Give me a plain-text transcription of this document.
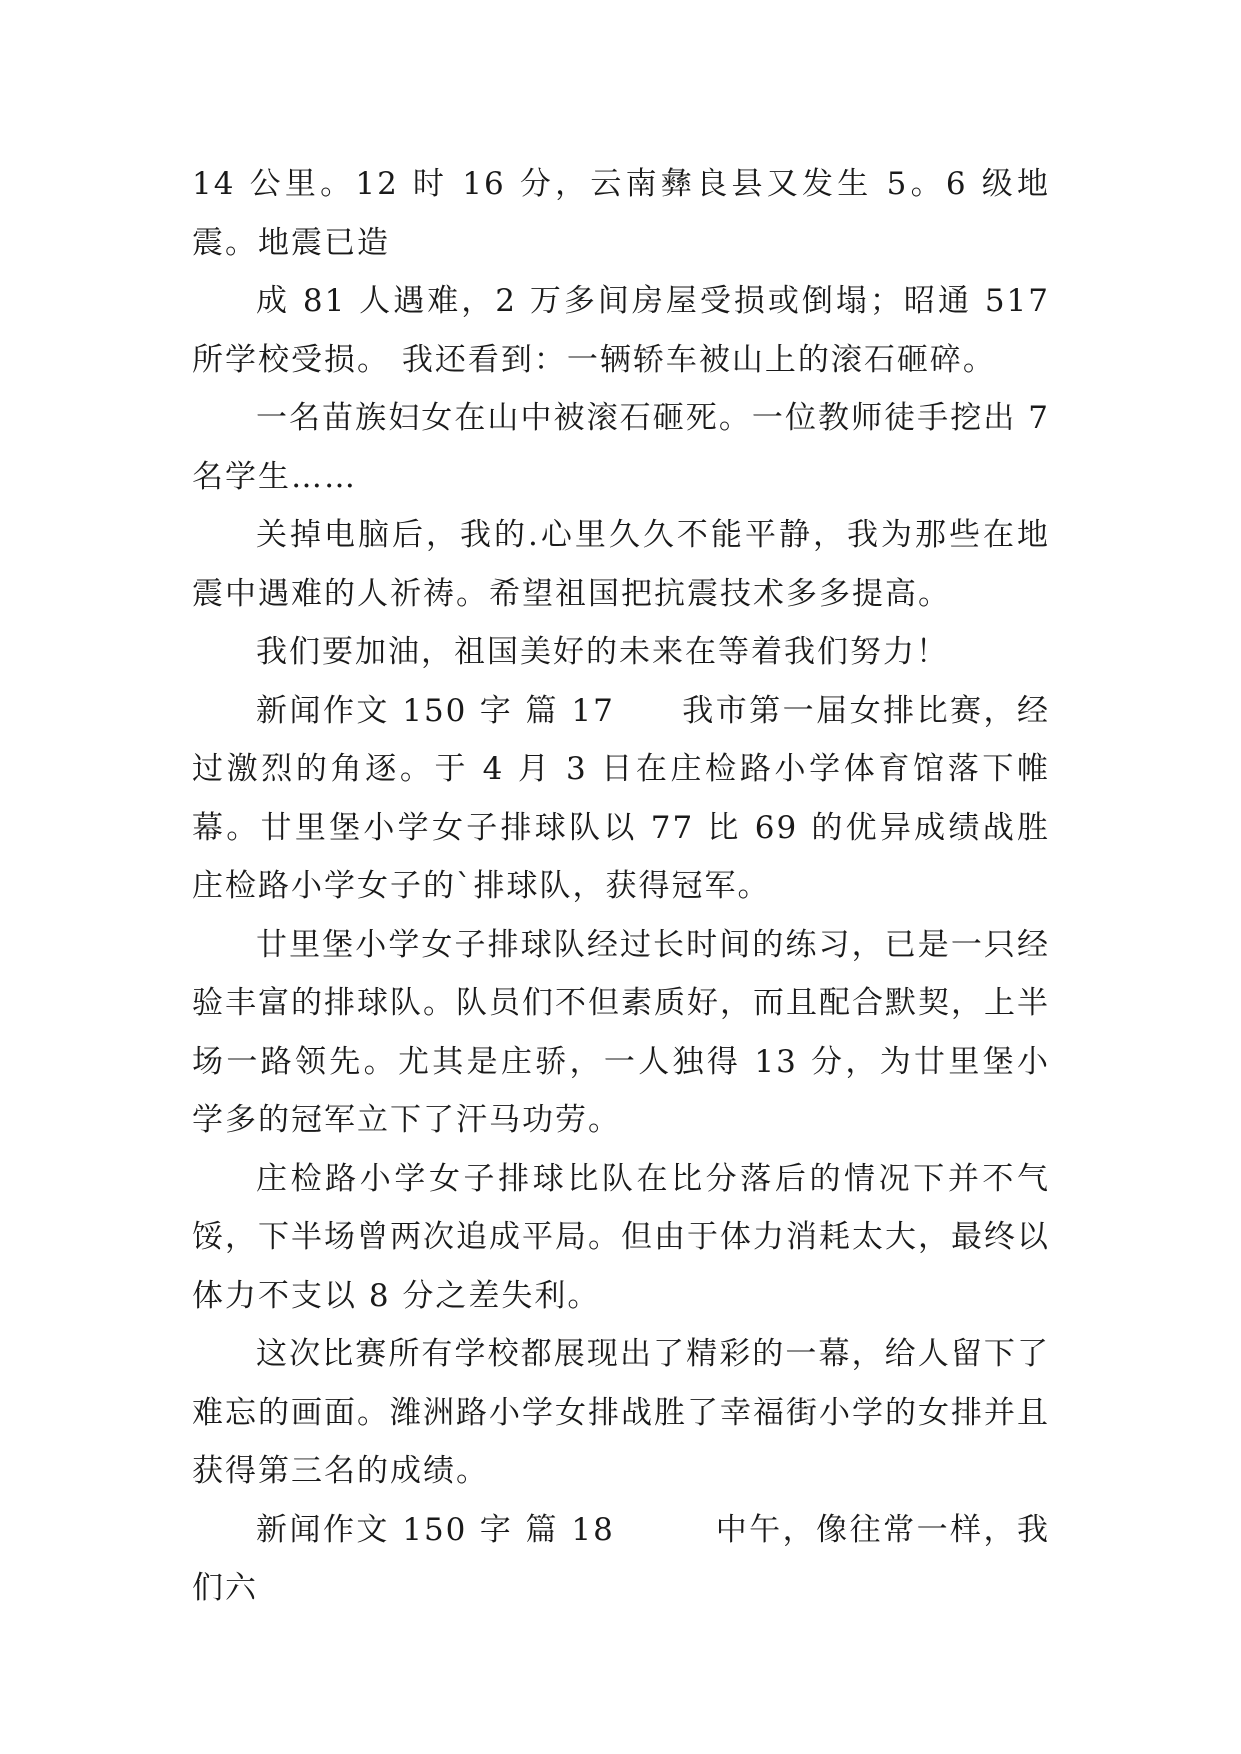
14 公里。12 时 16 分，云南彝良县又发生 5。6 级地震。地震已造

成 81 人遇难，2 万多间房屋受损或倒塌；昭通 517 所学校受损。 我还看到：一辆轿车被山上的滚石砸碎。

一名苗族妇女在山中被滚石砸死。一位教师徒手挖出 7 名学生……

关掉电脑后，我的.心里久久不能平静，我为那些在地震中遇难的人祈祷。希望祖国把抗震技术多多提高。

我们要加油，祖国美好的未来在等着我们努力！

新闻作文 150 字 篇 17　　我市第一届女排比赛，经过激烈的角逐。于 4 月 3 日在庄检路小学体育馆落下帷幕。廿里堡小学女子排球队以 77 比 69 的优异成绩战胜庄检路小学女子的`排球队，获得冠军。

廿里堡小学女子排球队经过长时间的练习，已是一只经验丰富的排球队。队员们不但素质好，而且配合默契，上半场一路领先。尤其是庄骄，一人独得 13 分，为廿里堡小学多的冠军立下了汗马功劳。

庄检路小学女子排球比队在比分落后的情况下并不气馁，下半场曾两次追成平局。但由于体力消耗太大，最终以体力不支以 8 分之差失利。

这次比赛所有学校都展现出了精彩的一幕，给人留下了难忘的画面。潍洲路小学女排战胜了幸福街小学的女排并且获得第三名的成绩。

新闻作文 150 字 篇 18　　　中午，像往常一样，我们六
